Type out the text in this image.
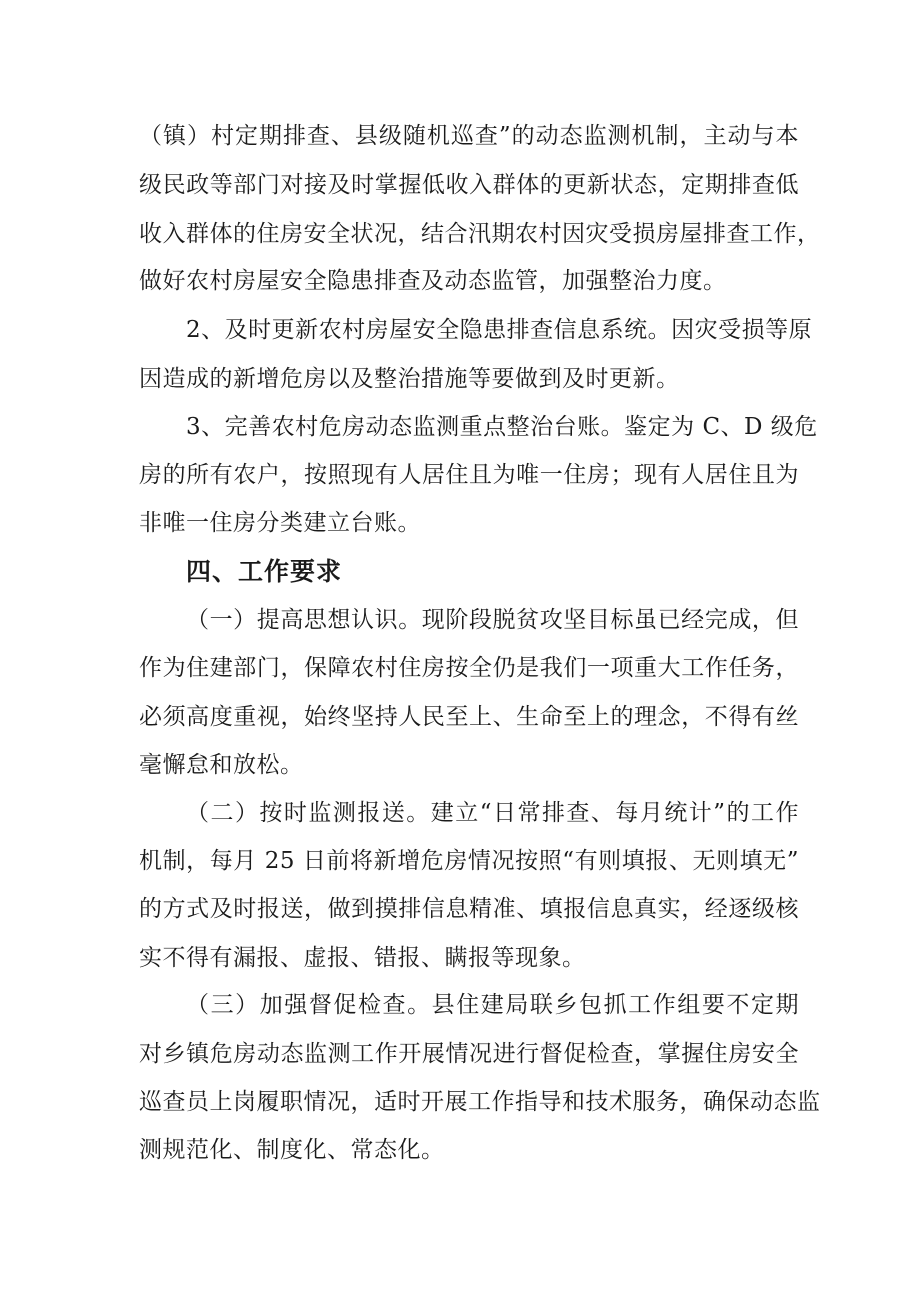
（镇）村定期排查、县级随机巡查”的动态监测机制，主动与本
级民政等部门对接及时掌握低收入群体的更新状态，定期排查低
收入群体的住房安全状况，结合汛期农村因灾受损房屋排查工作，
做好农村房屋安全隐患排查及动态监管，加强整治力度。
2、及时更新农村房屋安全隐患排查信息系统。因灾受损等原
因造成的新增危房以及整治措施等要做到及时更新。
3、完善农村危房动态监测重点整治台账。鉴定为 C、D 级危
房的所有农户，按照现有人居住且为唯一住房；现有人居住且为
非唯一住房分类建立台账。
四、工作要求
（一）提高思想认识。现阶段脱贫攻坚目标虽已经完成，但
作为住建部门，保障农村住房按全仍是我们一项重大工作任务，
必须高度重视，始终坚持人民至上、生命至上的理念，不得有丝
毫懈怠和放松。
（二）按时监测报送。建立“日常排查、每月统计”的工作
机制，每月 25 日前将新增危房情况按照“有则填报、无则填无”
的方式及时报送，做到摸排信息精准、填报信息真实，经逐级核
实不得有漏报、虚报、错报、瞒报等现象。
（三）加强督促检查。县住建局联乡包抓工作组要不定期
对乡镇危房动态监测工作开展情况进行督促检查，掌握住房安全
巡查员上岗履职情况，适时开展工作指导和技术服务，确保动态监
测规范化、制度化、常态化。
